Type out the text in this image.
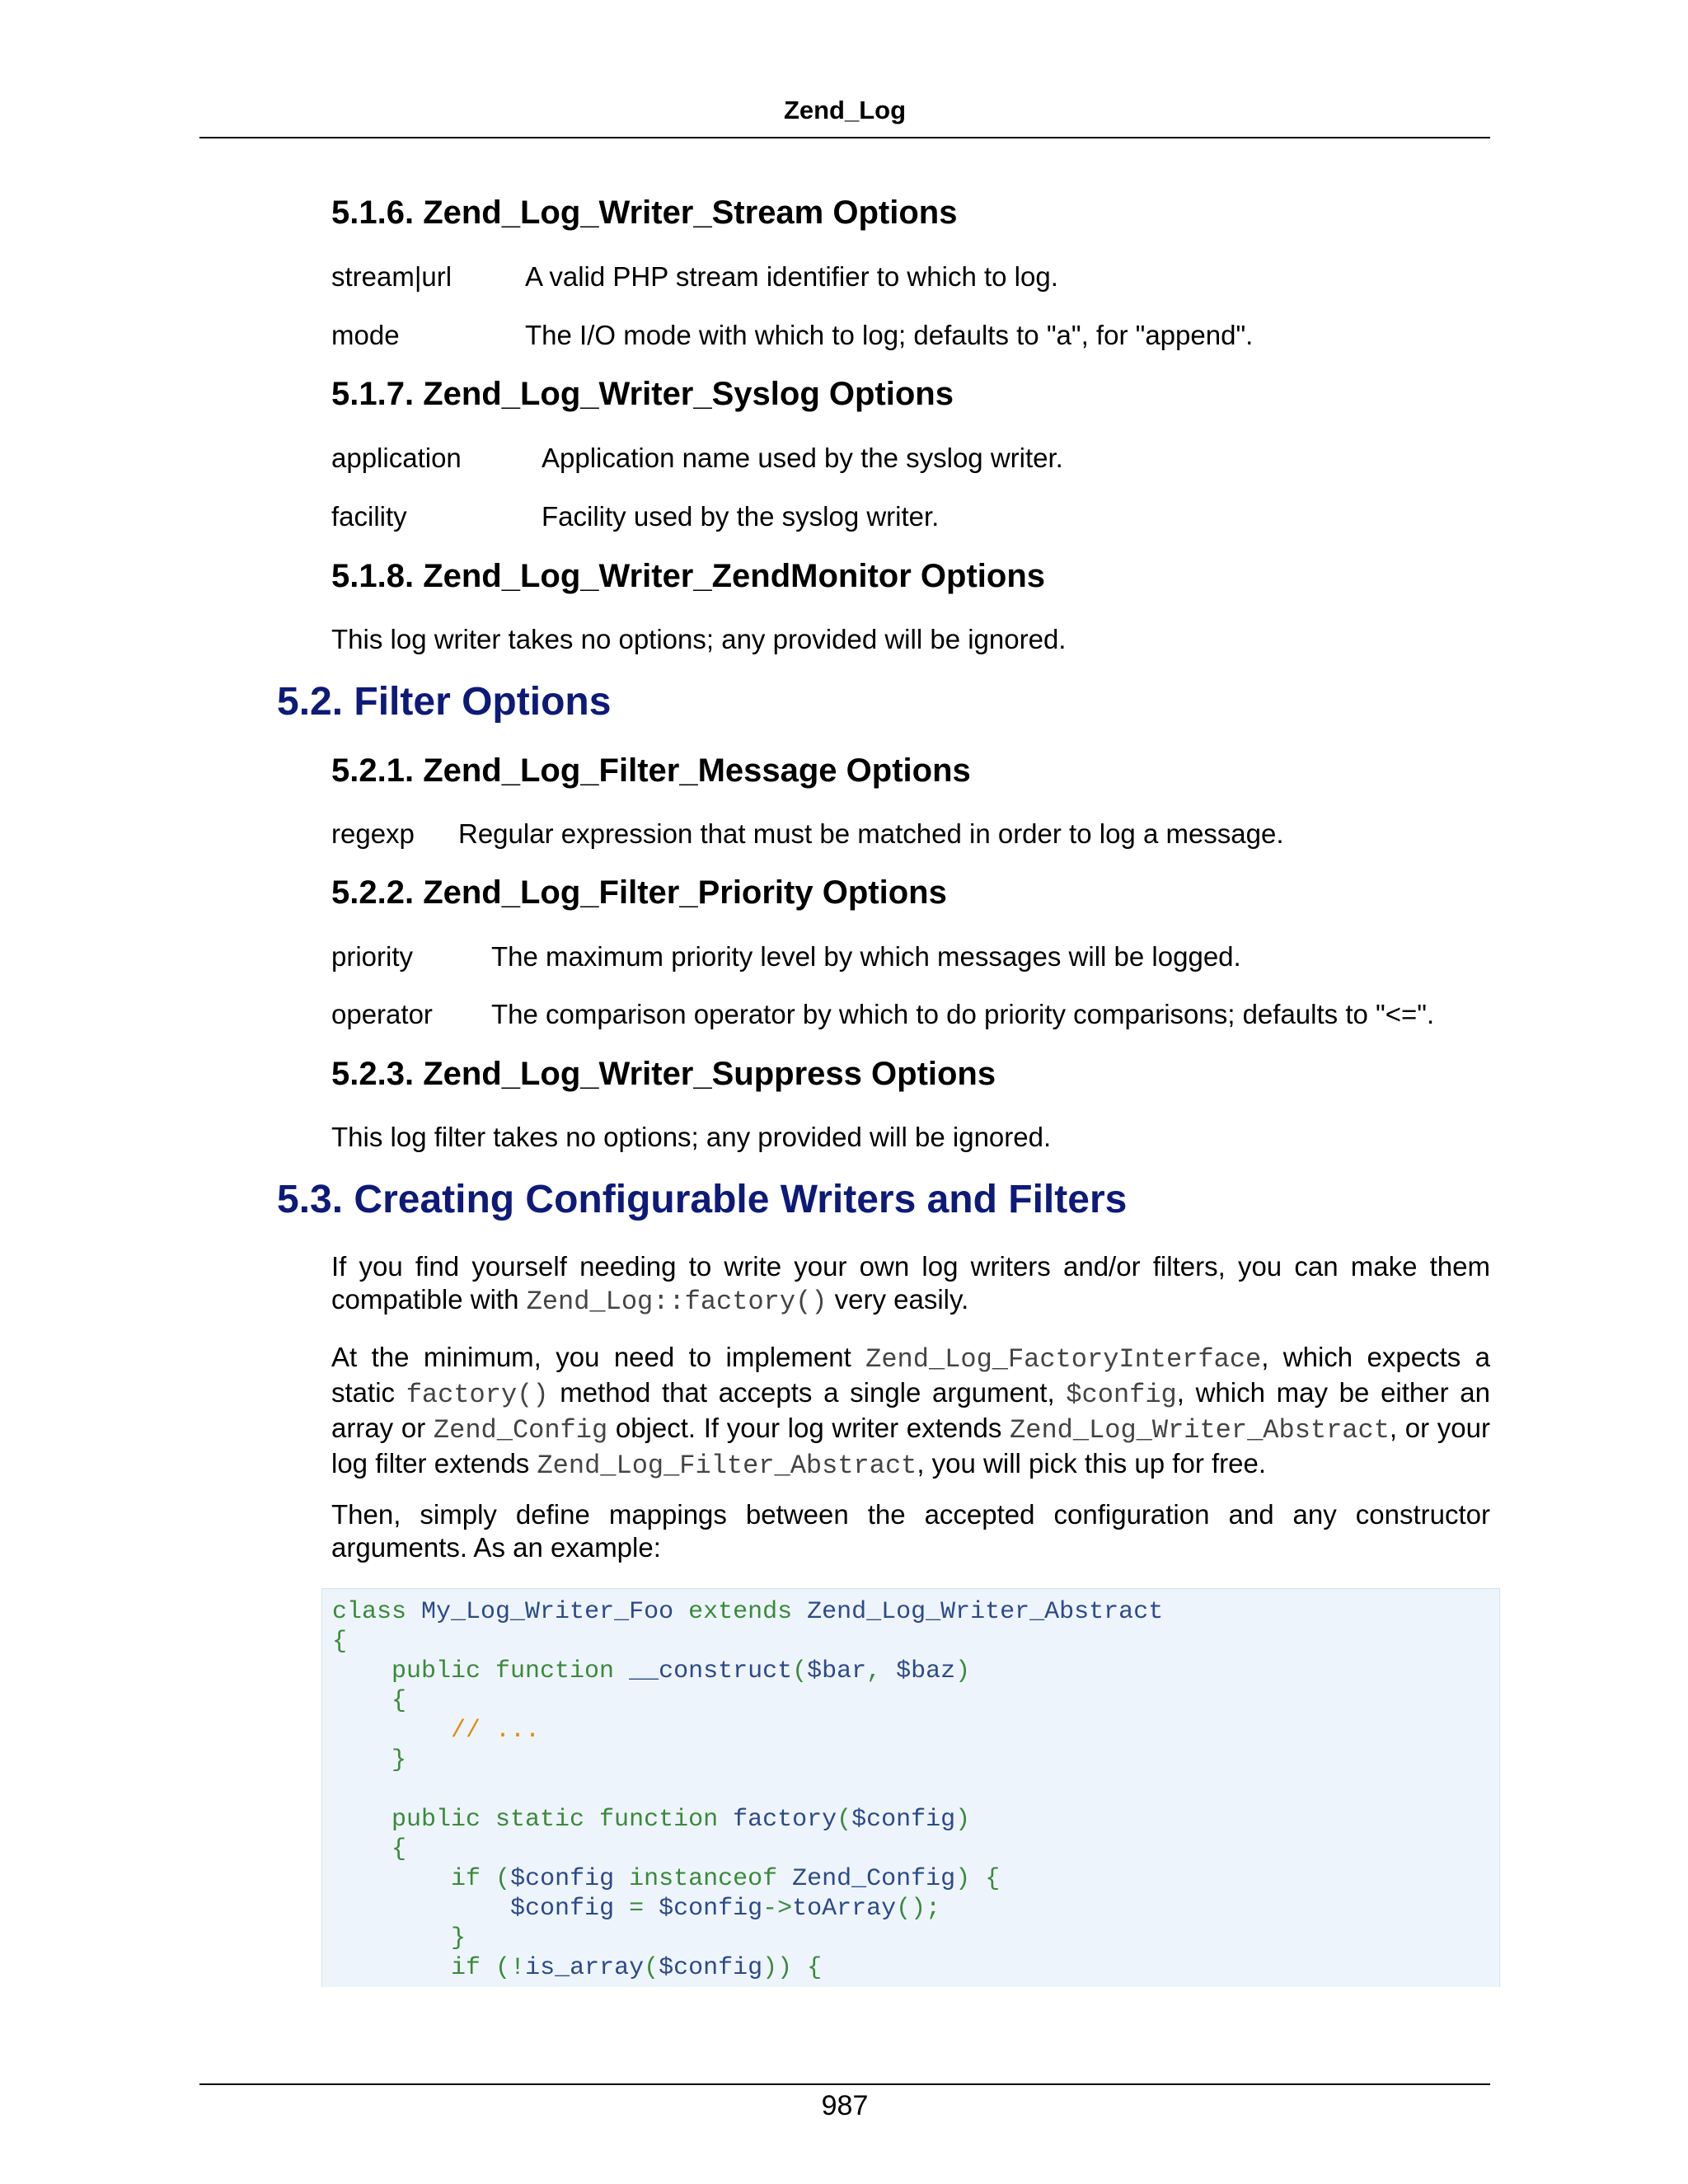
Zend_Log
5.1.6. Zend_Log_Writer_Stream Options
stream|url	A valid PHP stream identifier to which to log.
mode	The I/O mode with which to log; defaults to "a", for "append".
5.1.7. Zend_Log_Writer_Syslog Options
application	Application name used by the syslog writer.
facility	Facility used by the syslog writer.
5.1.8. Zend_Log_Writer_ZendMonitor Options
This log writer takes no options; any provided will be ignored.
5.2. Filter Options
5.2.1. Zend_Log_Filter_Message Options
regexp Regular expression that must be matched in order to log a message.
5.2.2. Zend_Log_Filter_Priority Options
priority	The maximum priority level by which messages will be logged.
operator The comparison operator by which to do priority comparisons; defaults to "<=".
5.2.3. Zend_Log_Writer_Suppress Options
This log filter takes no options; any provided will be ignored.
5.3. Creating Configurable Writers and Filters
If you find yourself needing to write your own log writers and/or filters, you can make them compatible with Zend_Log::factory() very easily.
At the minimum, you need to implement Zend_Log_FactoryInterface, which expects a static factory() method that accepts a single argument, $config, which may be either an array or Zend_Config object. If your log writer extends Zend_Log_Writer_Abstract, or your log filter extends Zend_Log_Filter_Abstract, you will pick this up for free.
Then, simply define mappings between the accepted configuration and any constructor arguments. As an example:
class My_Log_Writer_Foo extends Zend_Log_Writer_Abstract
{
public function __construct($bar, $baz)
{
// ...
}
public static function factory($config)
{
if ($config instanceof Zend_Config) {
$config = $config->toArray();
}
if (!is_array($config)) {
987
